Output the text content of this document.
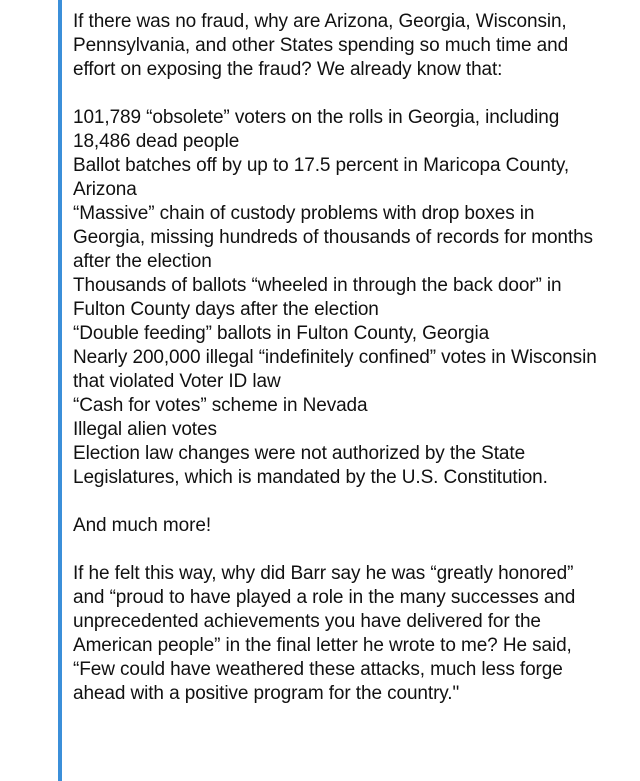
If there was no fraud, why are Arizona, Georgia, Wisconsin, Pennsylvania, and other States spending so much time and effort on exposing the fraud? We already know that:

101,789 “obsolete” voters on the rolls in Georgia, including 18,486 dead people

Ballot batches off by up to 17.5 percent in Maricopa County, Arizona

“Massive” chain of custody problems with drop boxes in Georgia, missing hundreds of thousands of records for months after the election

Thousands of ballots “wheeled in through the back door” in Fulton County days after the election

“Double feeding” ballots in Fulton County, Georgia

Nearly 200,000 illegal “indefinitely confined” votes in Wisconsin that violated Voter ID law

“Cash for votes” scheme in Nevada

Illegal alien votes

Election law changes were not authorized by the State Legislatures, which is mandated by the U.S. Constitution.

And much more!

If he felt this way, why did Barr say he was “greatly honored” and “proud to have played a role in the many successes and unprecedented achievements you have delivered for the American people” in the final letter he wrote to me? He said, “Few could have weathered these attacks, much less forge ahead with a positive program for the country."
